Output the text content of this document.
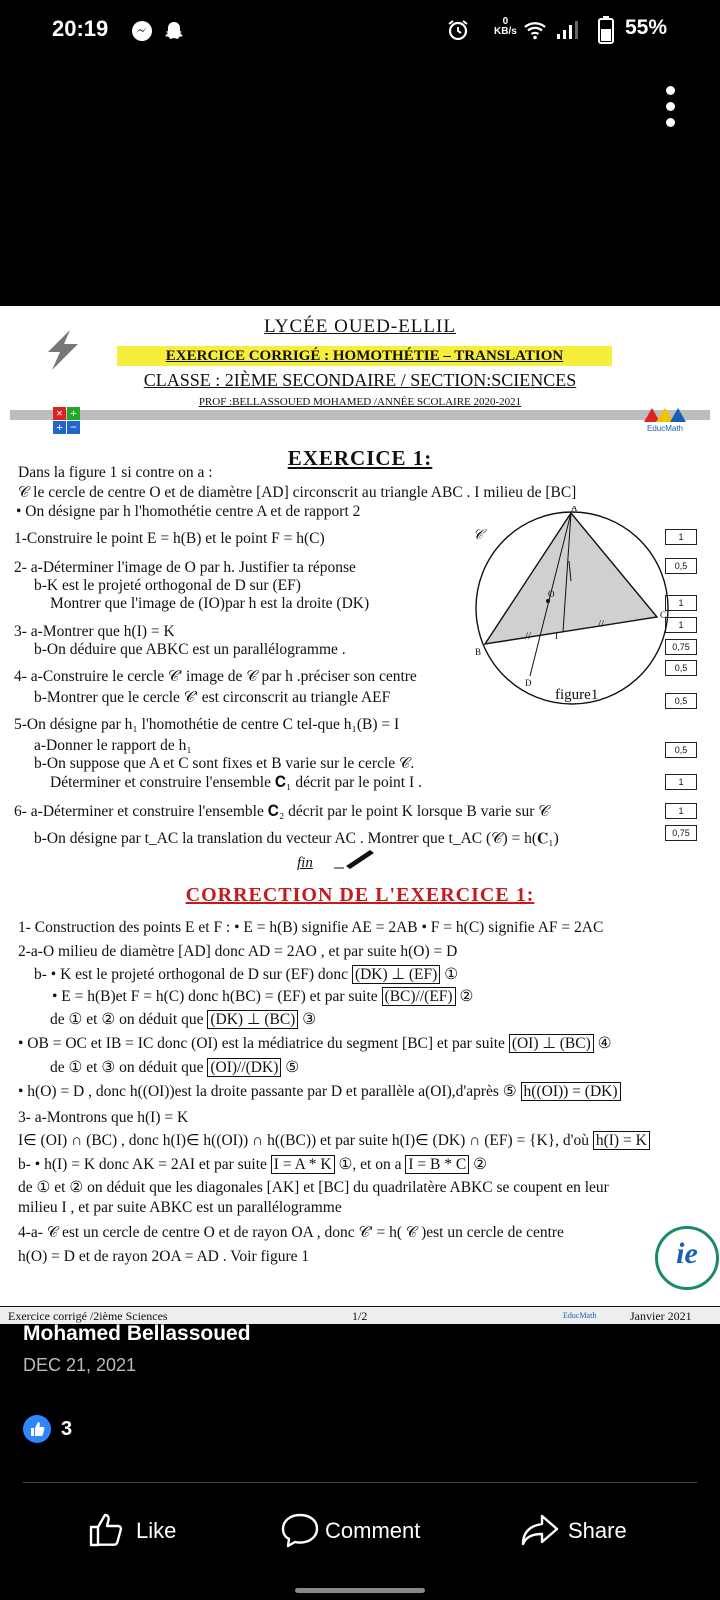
20:19	0
KB/s	55%
LYCÉE OUED-ELLIL
EXERCICE CORRIGÉ : HOMOTHÉTIE – TRANSLATION
CLASSE : 2IÈME SECONDAIRE / SECTION:SCIENCES
PROF :BELLASSOUED MOHAMED /ANNÉE SCOLAIRE 2020-2021
× +
+ −	EducMath
EXERCICE 1:
Dans la figure 1 si contre on a :
𝒞 le cercle de centre O et de diamètre [AD] circonscrit au triangle ABC . I milieu de [BC]
• On désigne par h l'homothétie centre A et de rapport 2
1-Construire le point E = h(B) et le point F = h(C)
2- a-Déterminer l'image de O par h. Justifier ta réponse
b-K est le projeté orthogonal de D sur (EF)
Montrer que l'image de (IO)par h est la droite (DK)
3- a-Montrer que h(I) = K
b-On déduire que ABKC est un parallélogramme .
4- a-Construire le cercle 𝒞' image de 𝒞 par h .préciser son centre
b-Montrer que le cercle 𝒞' est circonscrit au triangle AEF
5-On désigne par h₁ l'homothétie de centre C tel-que h₁(B) = I
a-Donner le rapport de h₁
b-On suppose que A et C sont fixes et B varie sur le cercle 𝒞.
Déterminer et construire l'ensemble 𝐂₁ décrit par le point I .
6- a-Déterminer et construire l'ensemble 𝐂₂ décrit par le point K lorsque B varie sur 𝒞
b-On désigne par t_AC la translation du vecteur AC . Montrer que t_AC (𝒞) = h(𝐂₁)
1
0,5
1
1
0,75
0,5
0,5
0,5
1
1
0,75
//
//
A
B
C
D
O
I
𝒞
figure1
fin
CORRECTION DE L'EXERCICE 1:
1- Construction des points E et F : • E = h(B) signifie AE = 2AB • F = h(C) signifie AF = 2AC
2-a-O milieu de diamètre [AD] donc AD = 2AO , et par suite h(O) = D
b- • K est le projeté orthogonal de D sur (EF) donc (DK) ⊥ (EF) ①
• E = h(B)et F = h(C) donc h(BC) = (EF) et par suite (BC)//(EF) ②
de ① et ② on déduit que (DK) ⊥ (BC) ③
• OB = OC et IB = IC donc (OI) est la médiatrice du segment [BC] et par suite (OI) ⊥ (BC) ④
de ① et ③ on déduit que (OI)//(DK) ⑤
• h(O) = D , donc h((OI))est la droite passante par D et parallèle a(OI),d'après ⑤ h((OI)) = (DK)
3- a-Montrons que h(I) = K
I∈ (OI) ∩ (BC) , donc h(I)∈ h((OI)) ∩ h((BC)) et par suite h(I)∈ (DK) ∩ (EF) = {K}, d'où h(I) = K
b- • h(I) = K donc AK = 2AI et par suite I = A * K ①, et on a I = B * C ②
de ① et ② on déduit que les diagonales [AK] et [BC] du quadrilatère ABKC se coupent en leur
milieu I , et par suite ABKC est un parallélogramme
4-a- 𝒞 est un cercle de centre O et de rayon OA , donc 𝒞' = h( 𝒞 )est un cercle de centre
h(O) = D et de rayon 2OA = AD . Voir figure 1	ie
Exercice corrigé /2ième Sciences	1/2	EducMath	Janvier 2021
Mohamed Bellassoued
DEC 21, 2021
3
Like	Comment	Share
